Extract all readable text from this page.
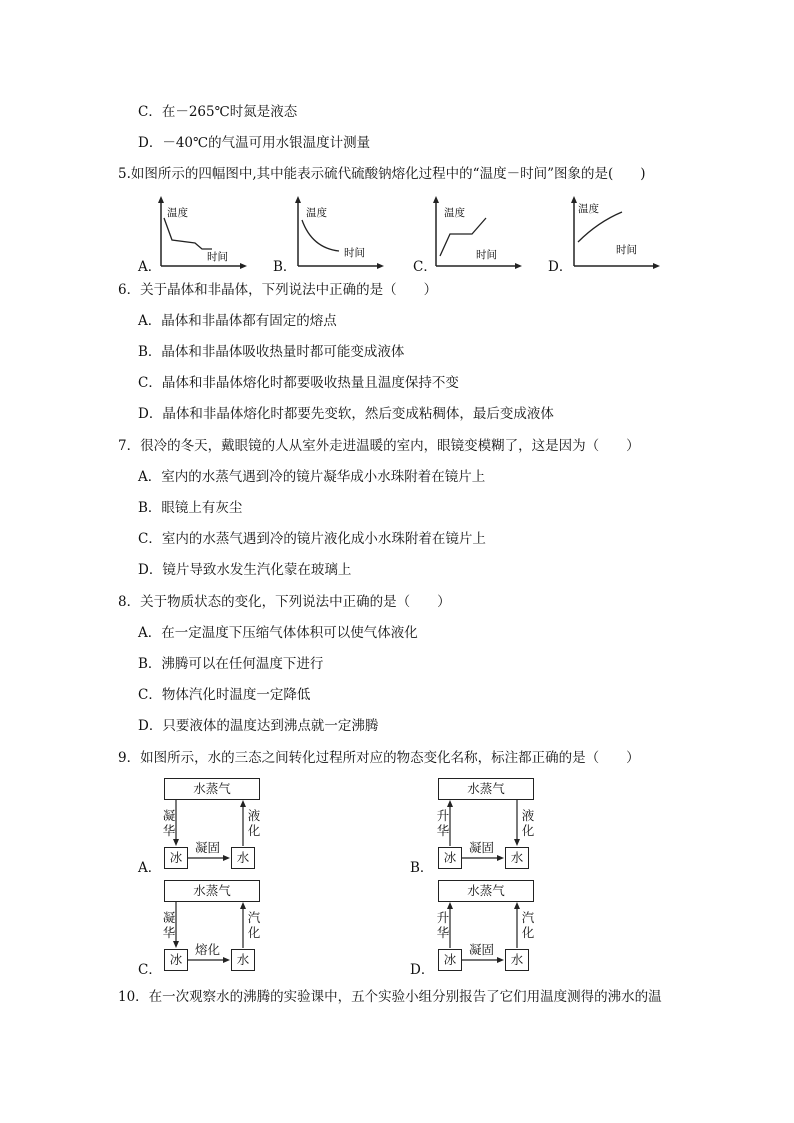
C．在－265℃时氮是液态
D．－40℃的气温可用水银温度计测量
5.如图所示的四幅图中,其中能表示硫代硫酸钠熔化过程中的“温度－时间”图象的是(　　)
A．
温度
时间
B．
温度
时间
C．
温度
时间
D．
温度
时间
6．关于晶体和非晶体，下列说法中正确的是（　　）
A．晶体和非晶体都有固定的熔点
B．晶体和非晶体吸收热量时都可能变成液体
C．晶体和非晶体熔化时都要吸收热量且温度保持不变
D．晶体和非晶体熔化时都要先变软，然后变成粘稠体，最后变成液体
7．很冷的冬天，戴眼镜的人从室外走进温暖的室内，眼镜变模糊了，这是因为（　　）
A．室内的水蒸气遇到冷的镜片凝华成小水珠附着在镜片上
B．眼镜上有灰尘
C．室内的水蒸气遇到冷的镜片液化成小水珠附着在镜片上
D．镜片导致水发生汽化蒙在玻璃上
8．关于物质状态的变化，下列说法中正确的是（　　）
A．在一定温度下压缩气体体积可以使气体液化
B．沸腾可以在任何温度下进行
C．物体汽化时温度一定降低
D．只要液体的温度达到沸点就一定沸腾
9．如图所示，水的三态之间转化过程所对应的物态变化名称，标注都正确的是（　　）
A．
水蒸气
冰	水
凝华
液化
凝固
B．
水蒸气
冰	水
升华
液化
凝固
C．
水蒸气
冰	水
凝华
汽化
熔化
D．
水蒸气
冰	水
升华
汽化
凝固
10．在一次观察水的沸腾的实验课中，五个实验小组分别报告了它们用温度测得的沸水的温
